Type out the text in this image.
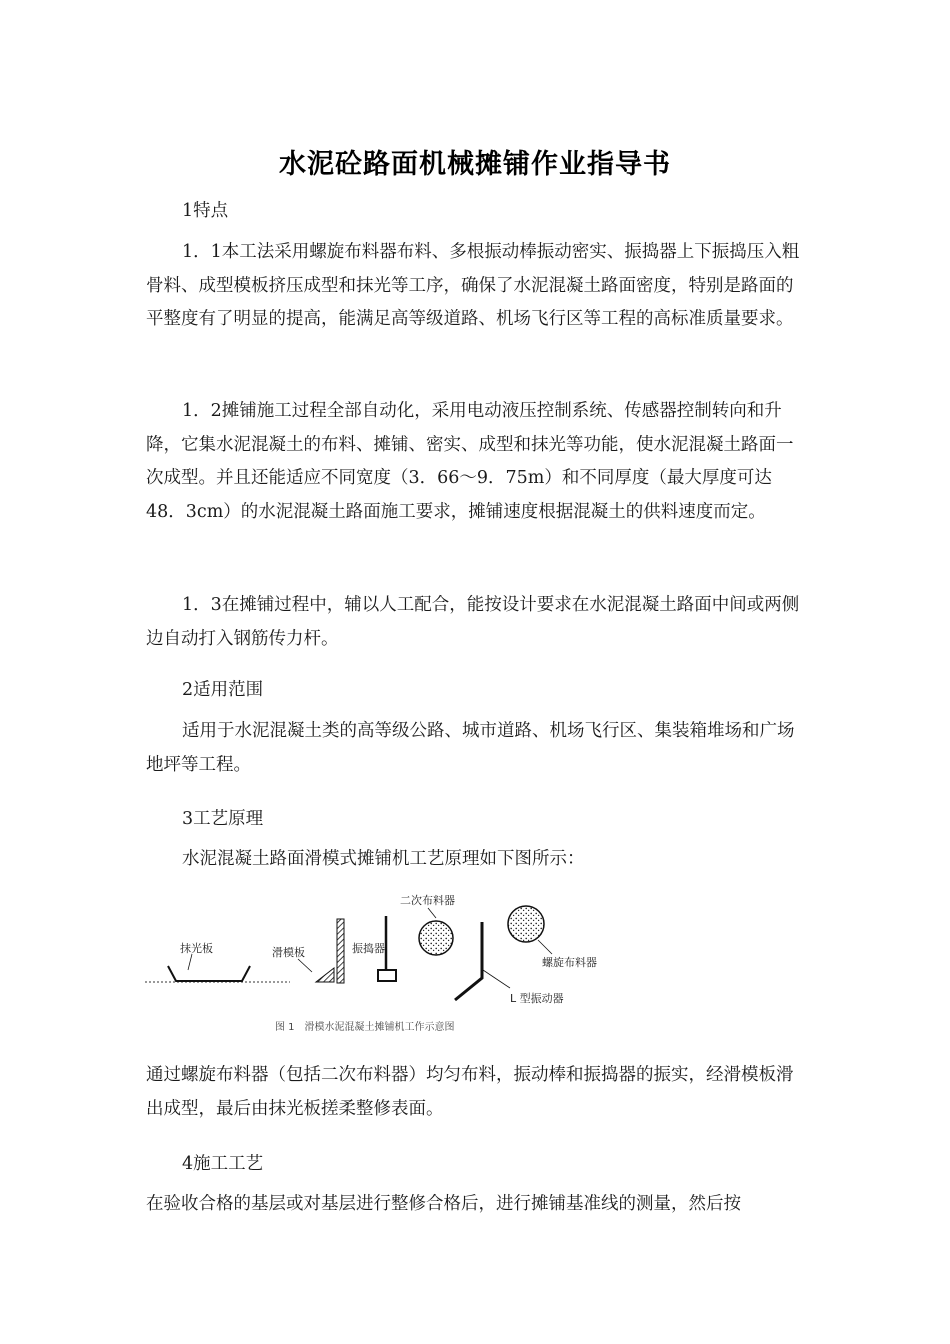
水泥砼路面机械摊铺作业指导书
1特点
1．1本工法采用螺旋布料器布料、多根振动棒振动密实、振捣器上下振捣压入粗骨料、成型模板挤压成型和抹光等工序，确保了水泥混凝土路面密度，特别是路面的平整度有了明显的提高，能满足高等级道路、机场飞行区等工程的高标准质量要求。
1．2摊铺施工过程全部自动化，采用电动液压控制系统、传感器控制转向和升降，它集水泥混凝土的布料、摊铺、密实、成型和抹光等功能，使水泥混凝土路面一次成型。并且还能适应不同宽度（3．66～9．75m）和不同厚度（最大厚度可达48．3cm）的水泥混凝土路面施工要求，摊铺速度根据混凝土的供料速度而定。
1．3在摊铺过程中，辅以人工配合，能按设计要求在水泥混凝土路面中间或两侧边自动打入钢筋传力杆。
2适用范围
适用于水泥混凝土类的高等级公路、城市道路、机场飞行区、集装箱堆场和广场地坪等工程。
3工艺原理
水泥混凝土路面滑模式摊铺机工艺原理如下图所示：
抹光板	滑模板	振捣器
二次布料器
L 型振动器
螺旋布料器
图 1　滑模水泥混凝土摊铺机工作示意图
通过螺旋布料器（包括二次布料器）均匀布料，振动棒和振捣器的振实，经滑模板滑出成型，最后由抹光板搓柔整修表面。
4施工工艺
在验收合格的基层或对基层进行整修合格后，进行摊铺基准线的测量，然后按
